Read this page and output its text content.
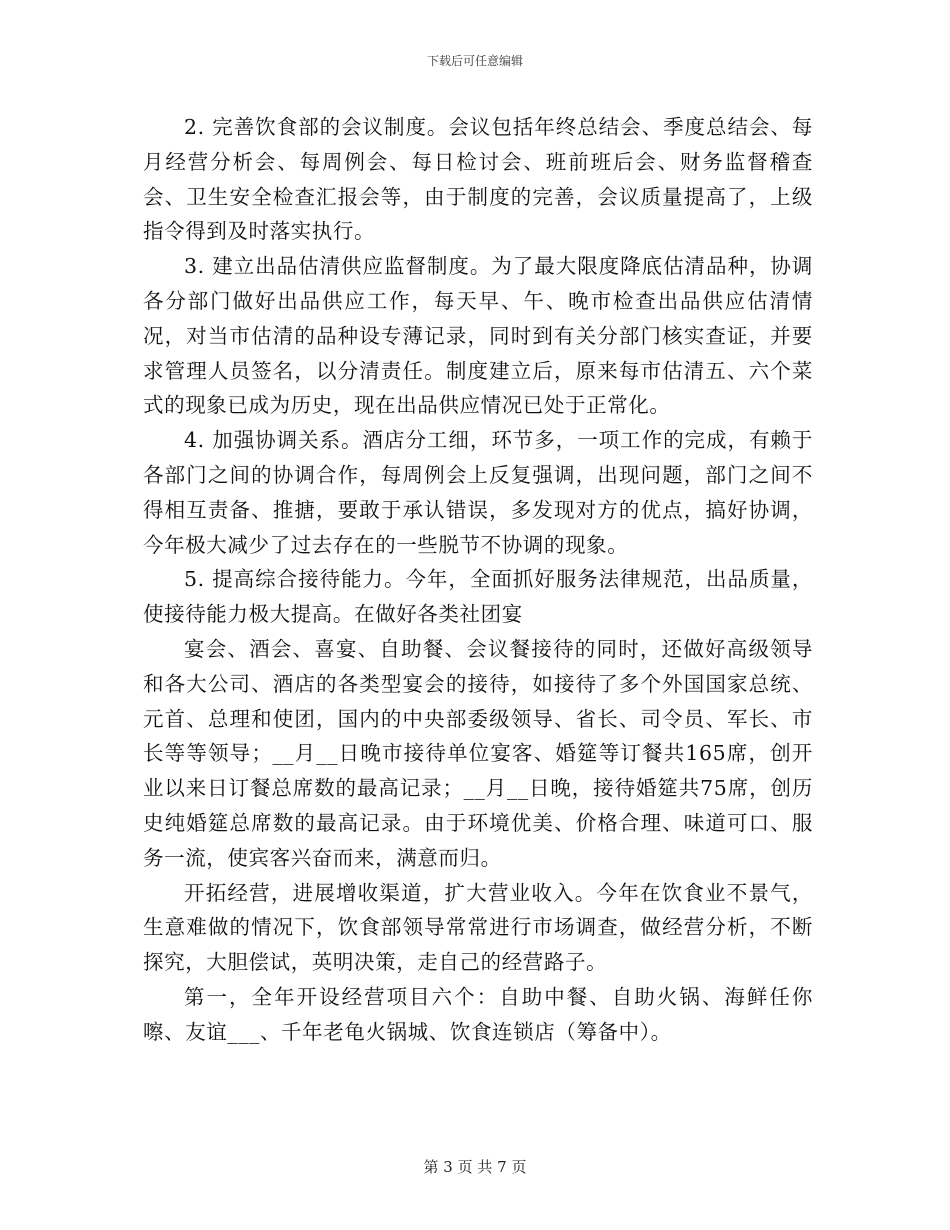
下载后可任意编辑

2. 完善饮食部的会议制度。会议包括年终总结会、季度总结会、每月经营分析会、每周例会、每日检讨会、班前班后会、财务监督稽查会、卫生安全检查汇报会等，由于制度的完善，会议质量提高了，上级指令得到及时落实执行。

3. 建立出品估清供应监督制度。为了最大限度降底估清品种，协调各分部门做好出品供应工作，每天早、午、晚市检查出品供应估清情况，对当市估清的品种设专薄记录，同时到有关分部门核实查证，并要求管理人员签名，以分清责任。制度建立后，原来每市估清五、六个菜式的现象已成为历史，现在出品供应情况已处于正常化。

4. 加强协调关系。酒店分工细，环节多，一项工作的完成，有赖于各部门之间的协调合作，每周例会上反复强调，出现问题，部门之间不得相互责备、推搪，要敢于承认错误，多发现对方的优点，搞好协调，今年极大减少了过去存在的一些脱节不协调的现象。

5. 提高综合接待能力。今年，全面抓好服务法律规范，出品质量，使接待能力极大提高。在做好各类社团宴

宴会、酒会、喜宴、自助餐、会议餐接待的同时，还做好高级领导和各大公司、酒店的各类型宴会的接待，如接待了多个外国国家总统、元首、总理和使团，国内的中央部委级领导、省长、司令员、军长、市长等等领导；__月__日晚市接待单位宴客、婚筵等订餐共165席，创开业以来日订餐总席数的最高记录；__月__日晚，接待婚筵共75席，创历史纯婚筵总席数的最高记录。由于环境优美、价格合理、味道可口、服务一流，使宾客兴奋而来，满意而归。

开拓经营，进展增收渠道，扩大营业收入。今年在饮食业不景气，生意难做的情况下，饮食部领导常常进行市场调查，做经营分析，不断探究，大胆偿试，英明决策，走自己的经营路子。

第一，全年开设经营项目六个：自助中餐、自助火锅、海鲜任你嚓、友谊___、千年老龟火锅城、饮食连锁店（筹备中）。

第 3 页 共 7 页
